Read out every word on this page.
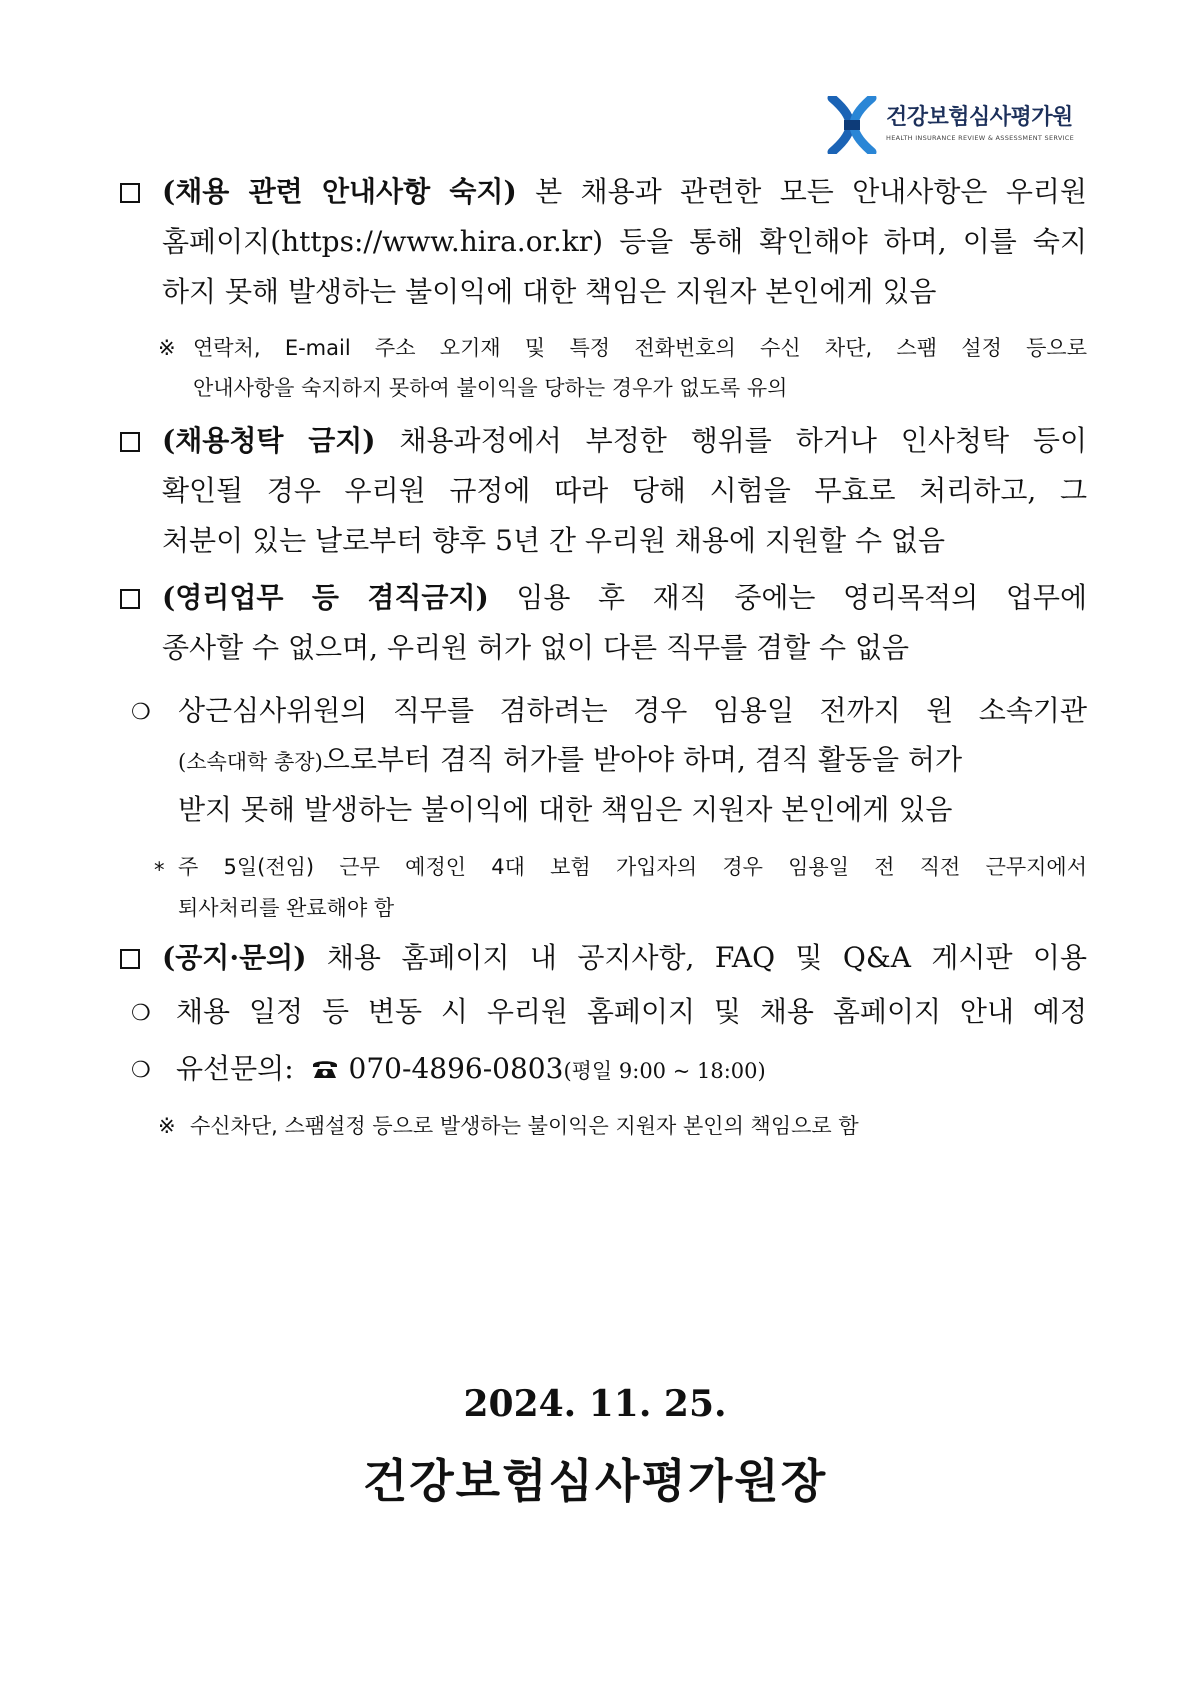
건강보험심사평가원
HEALTH INSURANCE REVIEW & ASSESSMENT SERVICE
(채용 관련 안내사항 숙지) 본 채용과 관련한 모든 안내사항은 우리원
홈페이지(https://www.hira.or.kr) 등을 통해 확인해야 하며, 이를 숙지
하지 못해 발생하는 불이익에 대한 책임은 지원자 본인에게 있음
※ 연락처, E-mail 주소 오기재 및 특정 전화번호의 수신 차단, 스팸 설정 등으로
안내사항을 숙지하지 못하여 불이익을 당하는 경우가 없도록 유의
(채용청탁 금지) 채용과정에서 부정한 행위를 하거나 인사청탁 등이
확인될 경우 우리원 규정에 따라 당해 시험을 무효로 처리하고, 그
처분이 있는 날로부터 향후 5년 간 우리원 채용에 지원할 수 없음
(영리업무 등 겸직금지) 임용 후 재직 중에는 영리목적의 업무에
종사할 수 없으며, 우리원 허가 없이 다른 직무를 겸할 수 없음
❍ 상근심사위원의 직무를 겸하려는 경우 임용일 전까지 원 소속기관
(소속대학 총장)으로부터 겸직 허가를 받아야 하며, 겸직 활동을 허가
받지 못해 발생하는 불이익에 대한 책임은 지원자 본인에게 있음
* 주 5일(전임) 근무 예정인 4대 보험 가입자의 경우 임용일 전 직전 근무지에서
퇴사처리를 완료해야 함
(공지·문의) 채용 홈페이지 내 공지사항, FAQ 및 Q&A 게시판 이용
❍ 채용 일정 등 변동 시 우리원 홈페이지 및 채용 홈페이지 안내 예정
❍ 유선문의: 070-4896-0803(평일 9:00 ~ 18:00)
※ 수신차단, 스팸설정 등으로 발생하는 불이익은 지원자 본인의 책임으로 함
2024. 11. 25.
건강보험심사평가원장
